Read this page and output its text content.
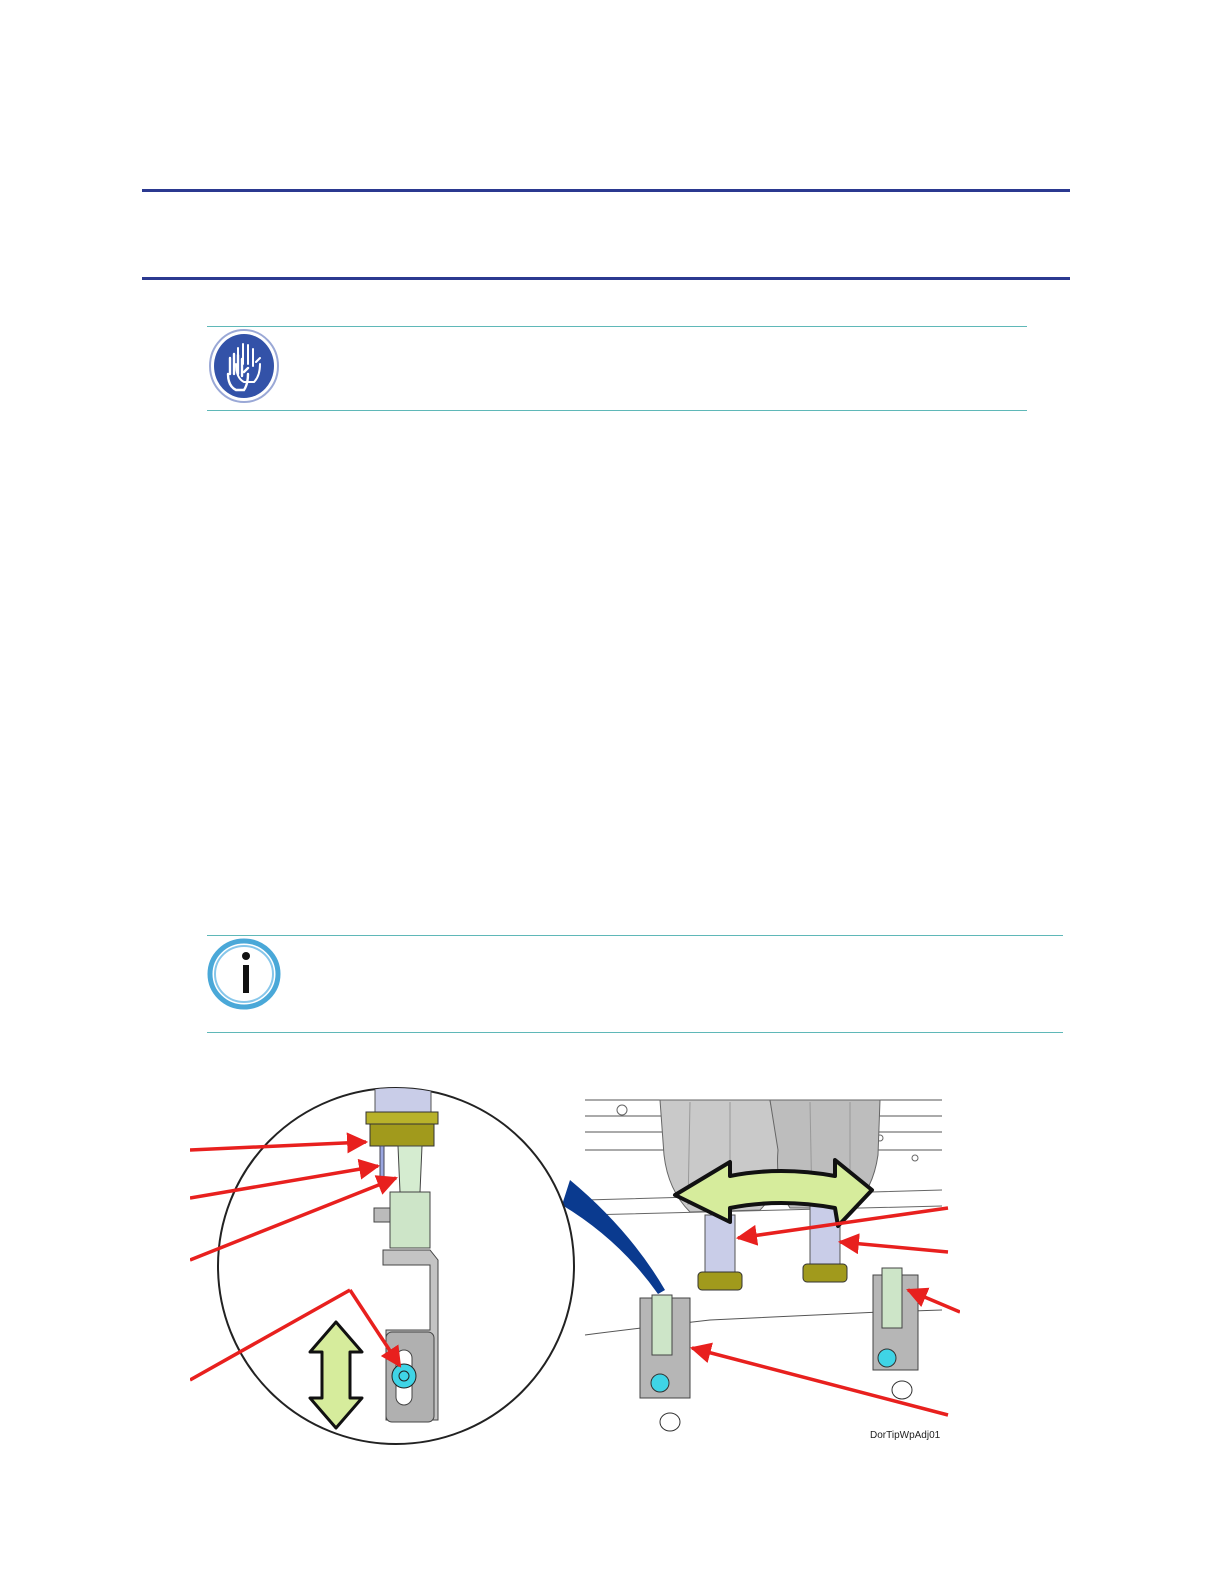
DorTipWpAdj01
